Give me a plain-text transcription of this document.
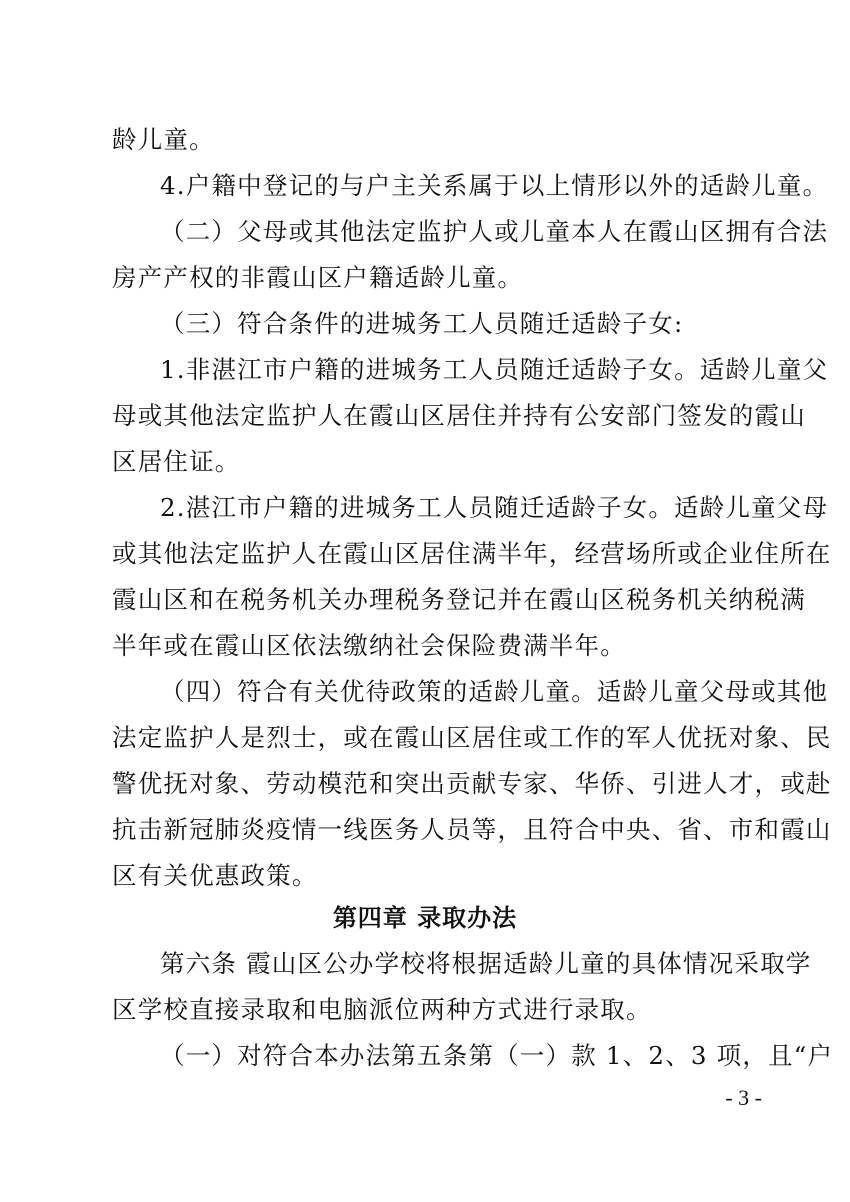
龄儿童。
4.户籍中登记的与户主关系属于以上情形以外的适龄儿童。
（二）父母或其他法定监护人或儿童本人在霞山区拥有合法
房产产权的非霞山区户籍适龄儿童。
（三）符合条件的进城务工人员随迁适龄子女:
1.非湛江市户籍的进城务工人员随迁适龄子女。适龄儿童父
母或其他法定监护人在霞山区居住并持有公安部门签发的霞山
区居住证。
2.湛江市户籍的进城务工人员随迁适龄子女。适龄儿童父母
或其他法定监护人在霞山区居住满半年，经营场所或企业住所在
霞山区和在税务机关办理税务登记并在霞山区税务机关纳税满
半年或在霞山区依法缴纳社会保险费满半年。
（四）符合有关优待政策的适龄儿童。适龄儿童父母或其他
法定监护人是烈士，或在霞山区居住或工作的军人优抚对象、民
警优抚对象、劳动模范和突出贡献专家、华侨、引进人才，或赴
抗击新冠肺炎疫情一线医务人员等，且符合中央、省、市和霞山
区有关优惠政策。
第四章 录取办法
第六条 霞山区公办学校将根据适龄儿童的具体情况采取学
区学校直接录取和电脑派位两种方式进行录取。
（一）对符合本办法第五条第（一）款 1、2、3 项，且“户
- 3 -
